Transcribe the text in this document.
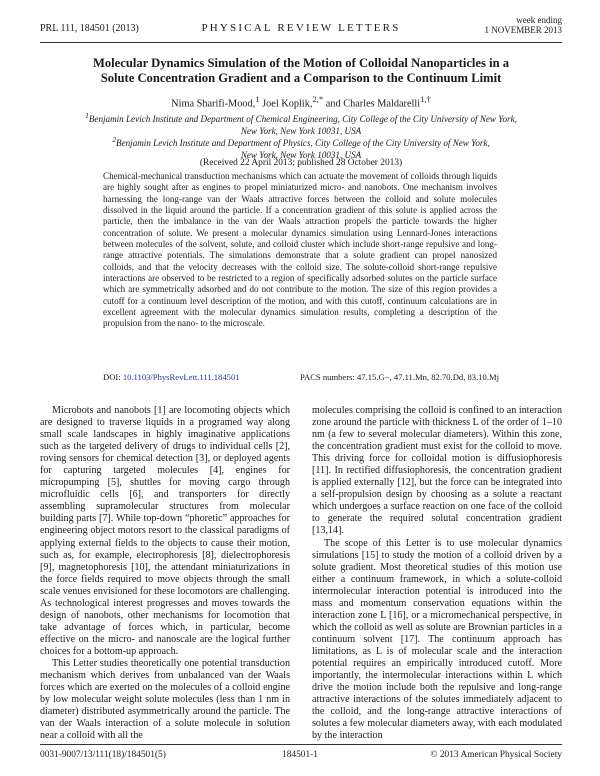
PRL 111, 184501 (2013)	PHYSICAL REVIEW LETTERS
week ending
1 NOVEMBER 2013
Molecular Dynamics Simulation of the Motion of Colloidal Nanoparticles in a
Solute Concentration Gradient and a Comparison to the Continuum Limit
Nima Sharifi-Mood,$^1$ Joel Koplik,$^{2,*}$ and Charles Maldarelli$^{1,\dagger}$
$^1$Benjamin Levich Institute and Department of Chemical Engineering, City College of the City University of New York,
New York, New York 10031, USA
$^2$Benjamin Levich Institute and Department of Physics, City College of the City University of New York,
New York, New York 10031, USA
(Received 22 April 2013; published 28 October 2013)
Chemical-mechanical transduction mechanisms which can actuate the movement of colloids through liquids are highly sought after as engines to propel miniaturized micro- and nanobots. One mechanism involves harnessing the long-range van der Waals attractive forces between the colloid and solute molecules dissolved in the liquid around the particle. If a concentration gradient of this solute is applied across the particle, then the imbalance in the van der Waals attraction propels the particle towards the higher concentration of solute. We present a molecular dynamics simulation using Lennard-Jones interactions between molecules of the solvent, solute, and colloid cluster which include short-range repulsive and long-range attractive potentials. The simulations demonstrate that a solute gradient can propel nanosized colloids, and that the velocity decreases with the colloid size. The solute-colloid short-range repulsive interactions are observed to be restricted to a region of specifically adsorbed solutes on the particle surface which are symmetrically adsorbed and do not contribute to the motion. The size of this region provides a cutoff for a continuum level description of the motion, and with this cutoff, continuum calculations are in excellent agreement with the molecular dynamics simulation results, completing a description of the propulsion from the nano- to the microscale.
DOI: 10.1103/PhysRevLett.111.184501	PACS numbers: 47.15.G−, 47.11.Mn, 82.70.Dd, 83.10.Mj

Microbots and nanobots [1] are locomoting objects which are designed to traverse liquids in a programed way along small scale landscapes in highly imaginative applications such as the targeted delivery of drugs to individual cells [2], roving sensors for chemical detection [3], or deployed agents for capturing targeted molecules [4], engines for micropumping [5], shuttles for moving cargo through microfluidic cells [6], and transporters for directly assembling supramolecular structures from molecular building parts [7]. While top-down “phoretic” approaches for engineering object motors resort to the classical paradigms of applying external fields to the objects to cause their motion, such as, for example, electrophoresis [8], dielectrophoresis [9], magnetophoresis [10], the attendant miniaturizations in the force fields required to move objects through the small scale venues envisioned for these locomotors are challenging. As technological interest progresses and moves towards the design of nanobots, other mechanisms for locomotion that take advantage of forces which, in particular, become effective on the micro- and nanoscale are the logical further choices for a bottom-up approach.

This Letter studies theoretically one potential transduction mechanism which derives from unbalanced van der Waals forces which are exerted on the molecules of a colloid engine by low molecular weight solute molecules (less than 1 nm in diameter) distributed asymmetrically around the particle. The van der Waals interaction of a solute molecule in solution near a colloid with all the

molecules comprising the colloid is confined to an interaction zone around the particle with thickness L of the order of 1–10 nm (a few to several molecular diameters). Within this zone, the concentration gradient must exist for the colloid to move. This driving force for colloidal motion is diffusiophoresis [11]. In rectified diffusiophoresis, the concentration gradient is applied externally [12], but the force can be integrated into a self-propulsion design by choosing as a solute a reactant which undergoes a surface reaction on one face of the colloid to generate the required solutal concentration gradient [13,14].

The scope of this Letter is to use molecular dynamics simulations [15] to study the motion of a colloid driven by a solute gradient. Most theoretical studies of this motion use either a continuum framework, in which a solute-colloid intermolecular interaction potential is introduced into the mass and momentum conservation equations within the interaction zone L [16], or a micromechanical perspective, in which the colloid as well as solute are Brownian particles in a continuum solvent [17]. The continuum approach has limitations, as L is of molecular scale and the interaction potential requires an empirically introduced cutoff. More importantly, the intermolecular interactions within L which drive the motion include both the repulsive and long-range attractive interactions of the solutes immediately adjacent to the colloid, and the long-range attractive interactions of solutes a few molecular diameters away, with each modulated by the interaction

0031-9007/13/111(18)/184501(5)	184501-1	© 2013 American Physical Society
